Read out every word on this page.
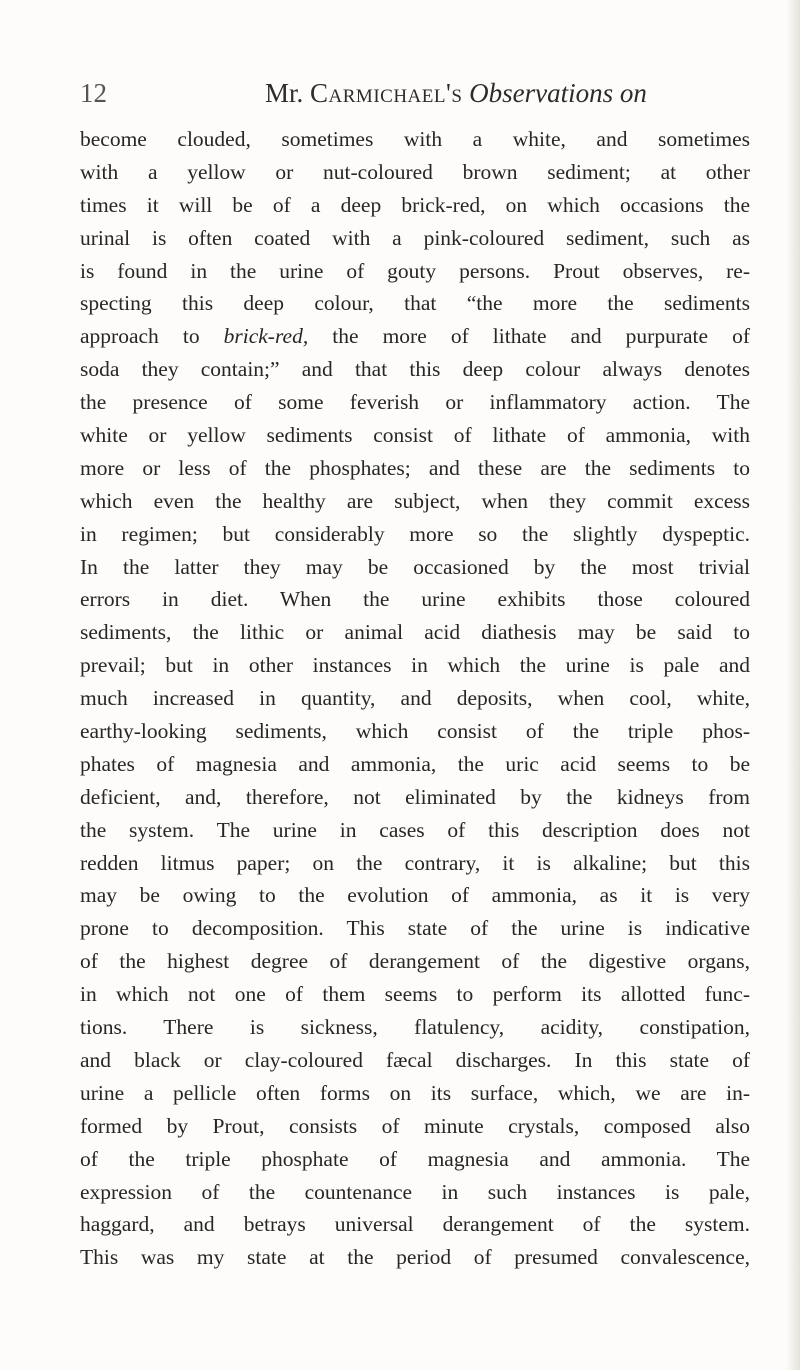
12	Mr. Carmichael's Observations on
become clouded, sometimes with a white, and sometimes
with a yellow or nut-coloured brown sediment; at other
times it will be of a deep brick-red, on which occasions the
urinal is often coated with a pink-coloured sediment, such as
is found in the urine of gouty persons. Prout observes, re-
specting this deep colour, that “the more the sediments
approach to brick-red, the more of lithate and purpurate of
soda they contain;” and that this deep colour always denotes
the presence of some feverish or inflammatory action. The
white or yellow sediments consist of lithate of ammonia, with
more or less of the phosphates; and these are the sediments to
which even the healthy are subject, when they commit excess
in regimen; but considerably more so the slightly dyspeptic.
In the latter they may be occasioned by the most trivial
errors in diet. When the urine exhibits those coloured
sediments, the lithic or animal acid diathesis may be said to
prevail; but in other instances in which the urine is pale and
much increased in quantity, and deposits, when cool, white,
earthy-looking sediments, which consist of the triple phos-
phates of magnesia and ammonia, the uric acid seems to be
deficient, and, therefore, not eliminated by the kidneys from
the system. The urine in cases of this description does not
redden litmus paper; on the contrary, it is alkaline; but this
may be owing to the evolution of ammonia, as it is very
prone to decomposition. This state of the urine is indicative
of the highest degree of derangement of the digestive organs,
in which not one of them seems to perform its allotted func-
tions. There is sickness, flatulency, acidity, constipation,
and black or clay-coloured fæcal discharges. In this state of
urine a pellicle often forms on its surface, which, we are in-
formed by Prout, consists of minute crystals, composed also
of the triple phosphate of magnesia and ammonia. The
expression of the countenance in such instances is pale,
haggard, and betrays universal derangement of the system.
This was my state at the period of presumed convalescence,
